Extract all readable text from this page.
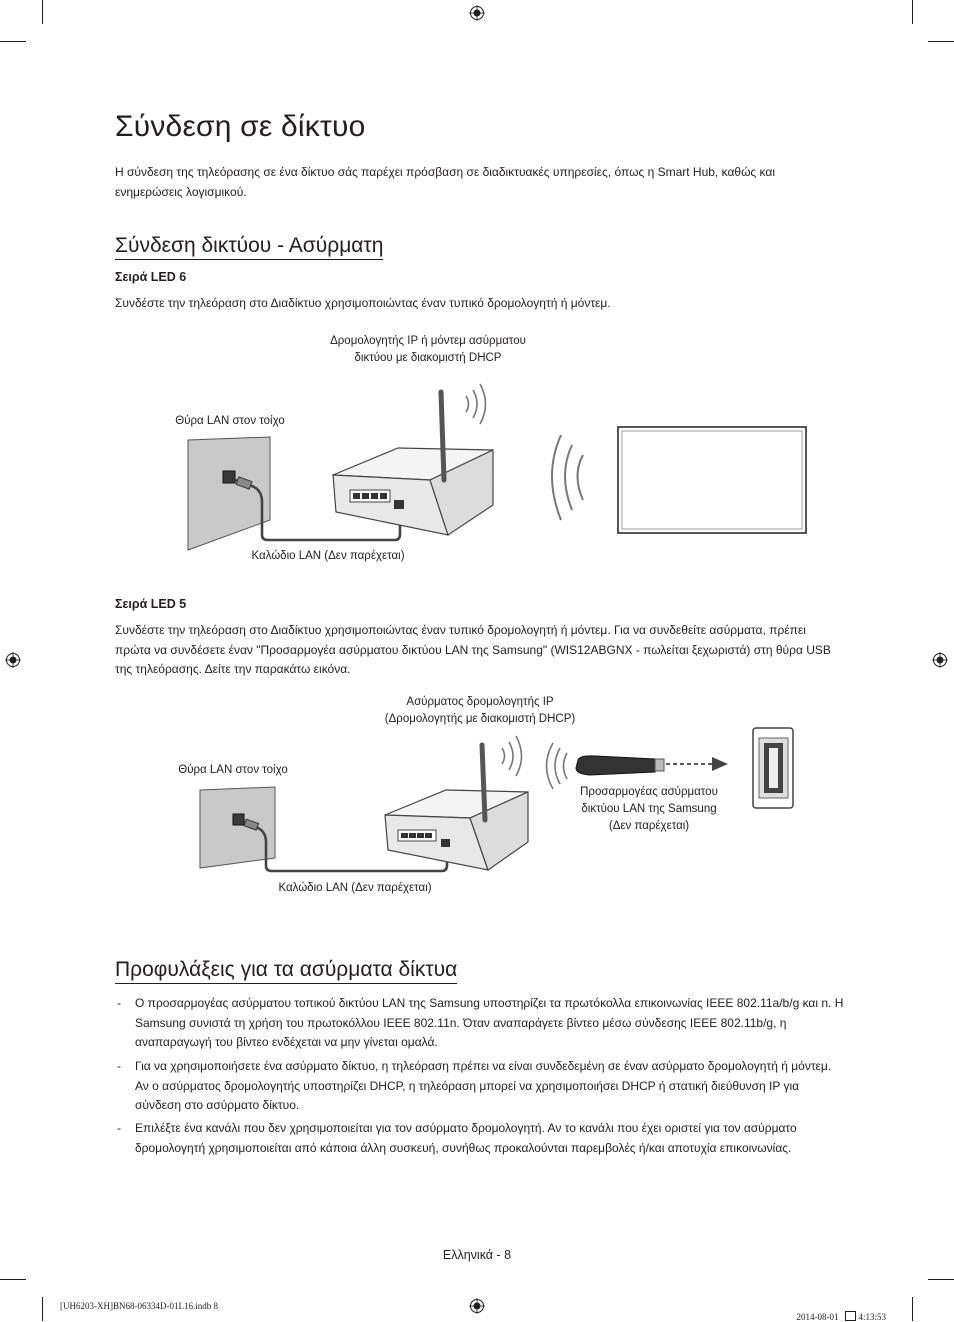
Σύνδεση σε δίκτυο
Η σύνδεση της τηλεόρασης σε ένα δίκτυο σάς παρέχει πρόσβαση σε διαδικτυακές υπηρεσίες, όπως η Smart Hub, καθώς και ενημερώσεις λογισμικού.
Σύνδεση δικτύου - Ασύρματη
Σειρά LED 6
Συνδέστε την τηλεόραση στο Διαδίκτυο χρησιμοποιώντας έναν τυπικό δρομολογητή ή μόντεμ.
Δρομολογητής IP ή μόντεμ ασύρματου
δικτύου με διακομιστή DHCP
Θύρα LAN στον τοίχο
Καλώδιο LAN (Δεν παρέχεται)
Σειρά LED 5
Συνδέστε την τηλεόραση στο Διαδίκτυο χρησιμοποιώντας έναν τυπικό δρομολογητή ή μόντεμ. Για να συνδεθείτε ασύρματα, πρέπει πρώτα να συνδέσετε έναν "Προσαρμογέα ασύρματου δικτύου LAN της Samsung" (WIS12ABGNX - πωλείται ξεχωριστά) στη θύρα USB της τηλεόρασης. Δείτε την παρακάτω εικόνα.
Ασύρματος δρομολογητής IP
(Δρομολογητής με διακομιστή DHCP)
Θύρα LAN στον τοίχο
Καλώδιο LAN (Δεν παρέχεται)
Προσαρμογέας ασύρματου
δικτύου LAN της Samsung
(Δεν παρέχεται)
Προφυλάξεις για τα ασύρματα δίκτυα
- Ο προσαρμογέας ασύρματου τοπικού δικτύου LAN της Samsung υποστηρίζει τα πρωτόκολλα επικοινωνίας IEEE 802.11a/b/g και n. Η Samsung συνιστά τη χρήση του πρωτοκόλλου IEEE 802.11n. Όταν αναπαράγετε βίντεο μέσω σύνδεσης IEEE 802.11b/g, η αναπαραγωγή του βίντεο ενδέχεται να μην γίνεται ομαλά.
- Για να χρησιμοποιήσετε ένα ασύρματο δίκτυο, η τηλεόραση πρέπει να είναι συνδεδεμένη σε έναν ασύρματο δρομολογητή ή μόντεμ. Αν ο ασύρματος δρομολογητής υποστηρίζει DHCP, η τηλεόραση μπορεί να χρησιμοποιήσει DHCP ή στατική διεύθυνση IP για σύνδεση στο ασύρματο δίκτυο.
- Επιλέξτε ένα κανάλι που δεν χρησιμοποιείται για τον ασύρματο δρομολογητή. Αν το κανάλι που έχει οριστεί για τον ασύρματο δρομολογητή χρησιμοποιείται από κάποια άλλη συσκευή, συνήθως προκαλούνται παρεμβολές ή/και αποτυχία επικοινωνίας.
Ελληνικά - 8
[UH6203-XH]BN68-06334D-01L16.indb 8

2014-08-01    4:13:53
